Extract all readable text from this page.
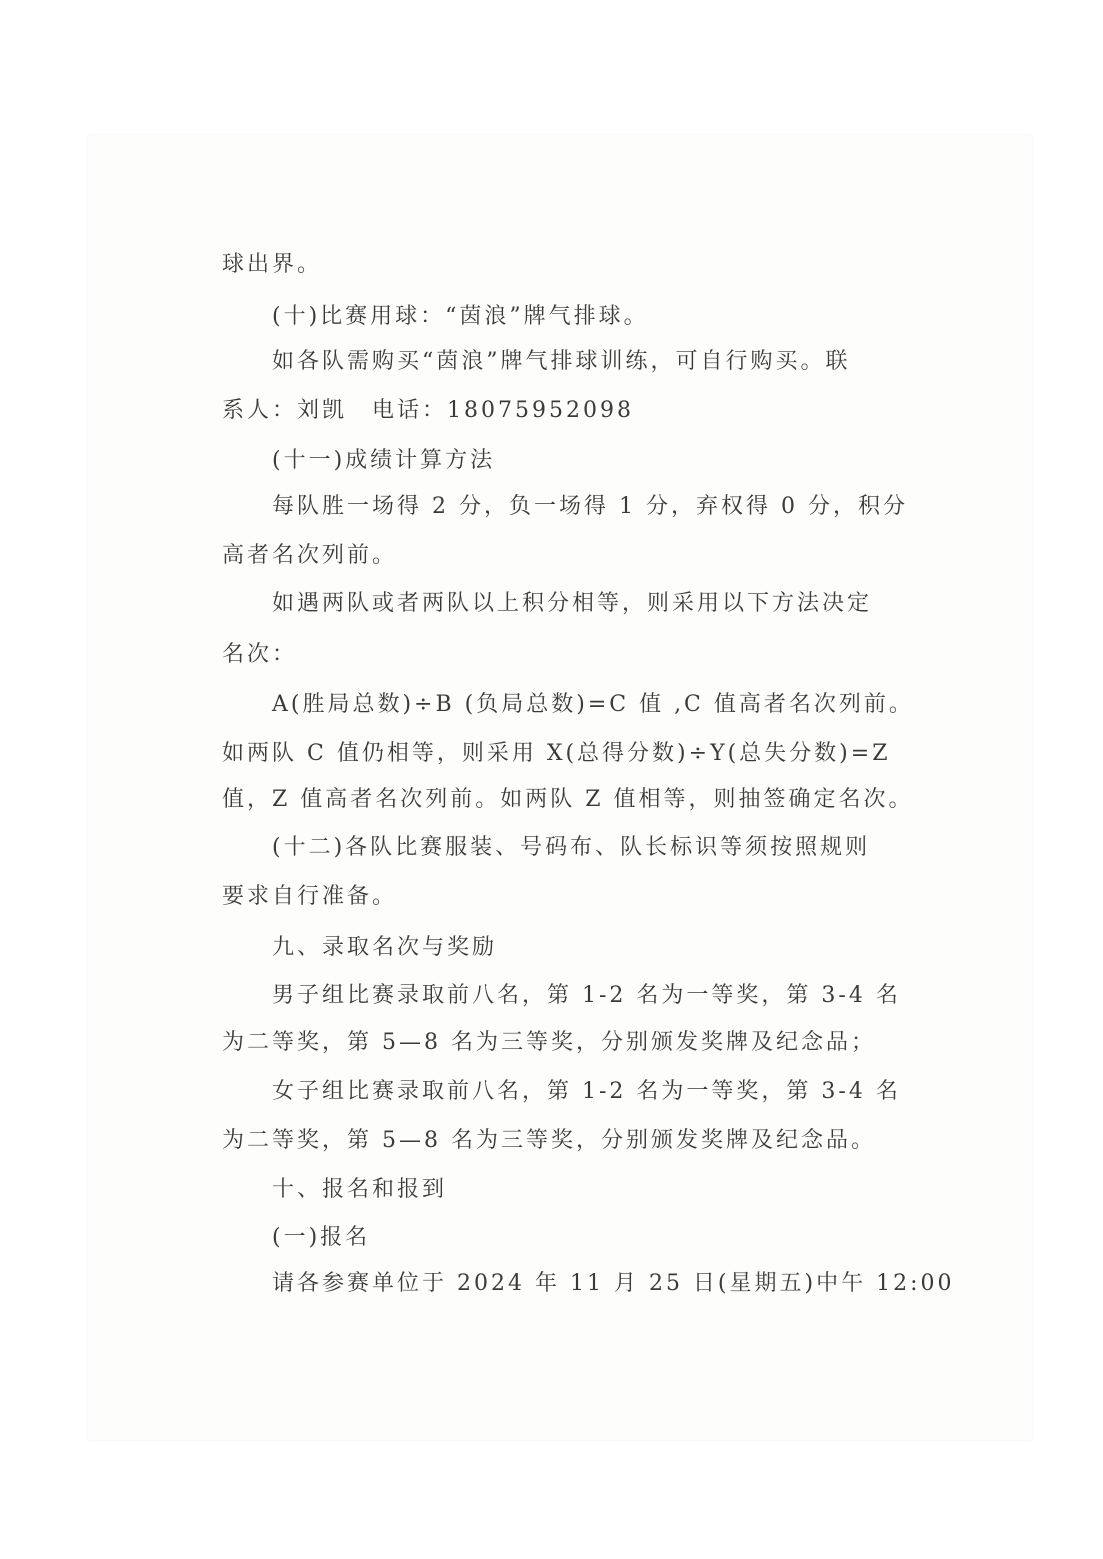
球出界。
(十)比赛用球：“茵浪”牌气排球。
如各队需购买“茵浪”牌气排球训练，可自行购买。联
系人：刘凯　电话：18075952098
(十一)成绩计算方法
每队胜一场得 2 分，负一场得 1 分，弃权得 0 分，积分
高者名次列前。
如遇两队或者两队以上积分相等，则采用以下方法决定
名次：
A(胜局总数)÷B (负局总数)=C 值 ,C 值高者名次列前。
如两队 C 值仍相等，则采用 X(总得分数)÷Y(总失分数)=Z
值，Z 值高者名次列前。如两队 Z 值相等，则抽签确定名次。
(十二)各队比赛服装、号码布、队长标识等须按照规则
要求自行准备。
九、录取名次与奖励
男子组比赛录取前八名，第 1-2 名为一等奖，第 3-4 名
为二等奖，第 5—8 名为三等奖，分别颁发奖牌及纪念品；
女子组比赛录取前八名，第 1-2 名为一等奖，第 3-4 名
为二等奖，第 5—8 名为三等奖，分别颁发奖牌及纪念品。
十、报名和报到
(一)报名
请各参赛单位于 2024 年 11 月 25 日(星期五)中午 12:00
